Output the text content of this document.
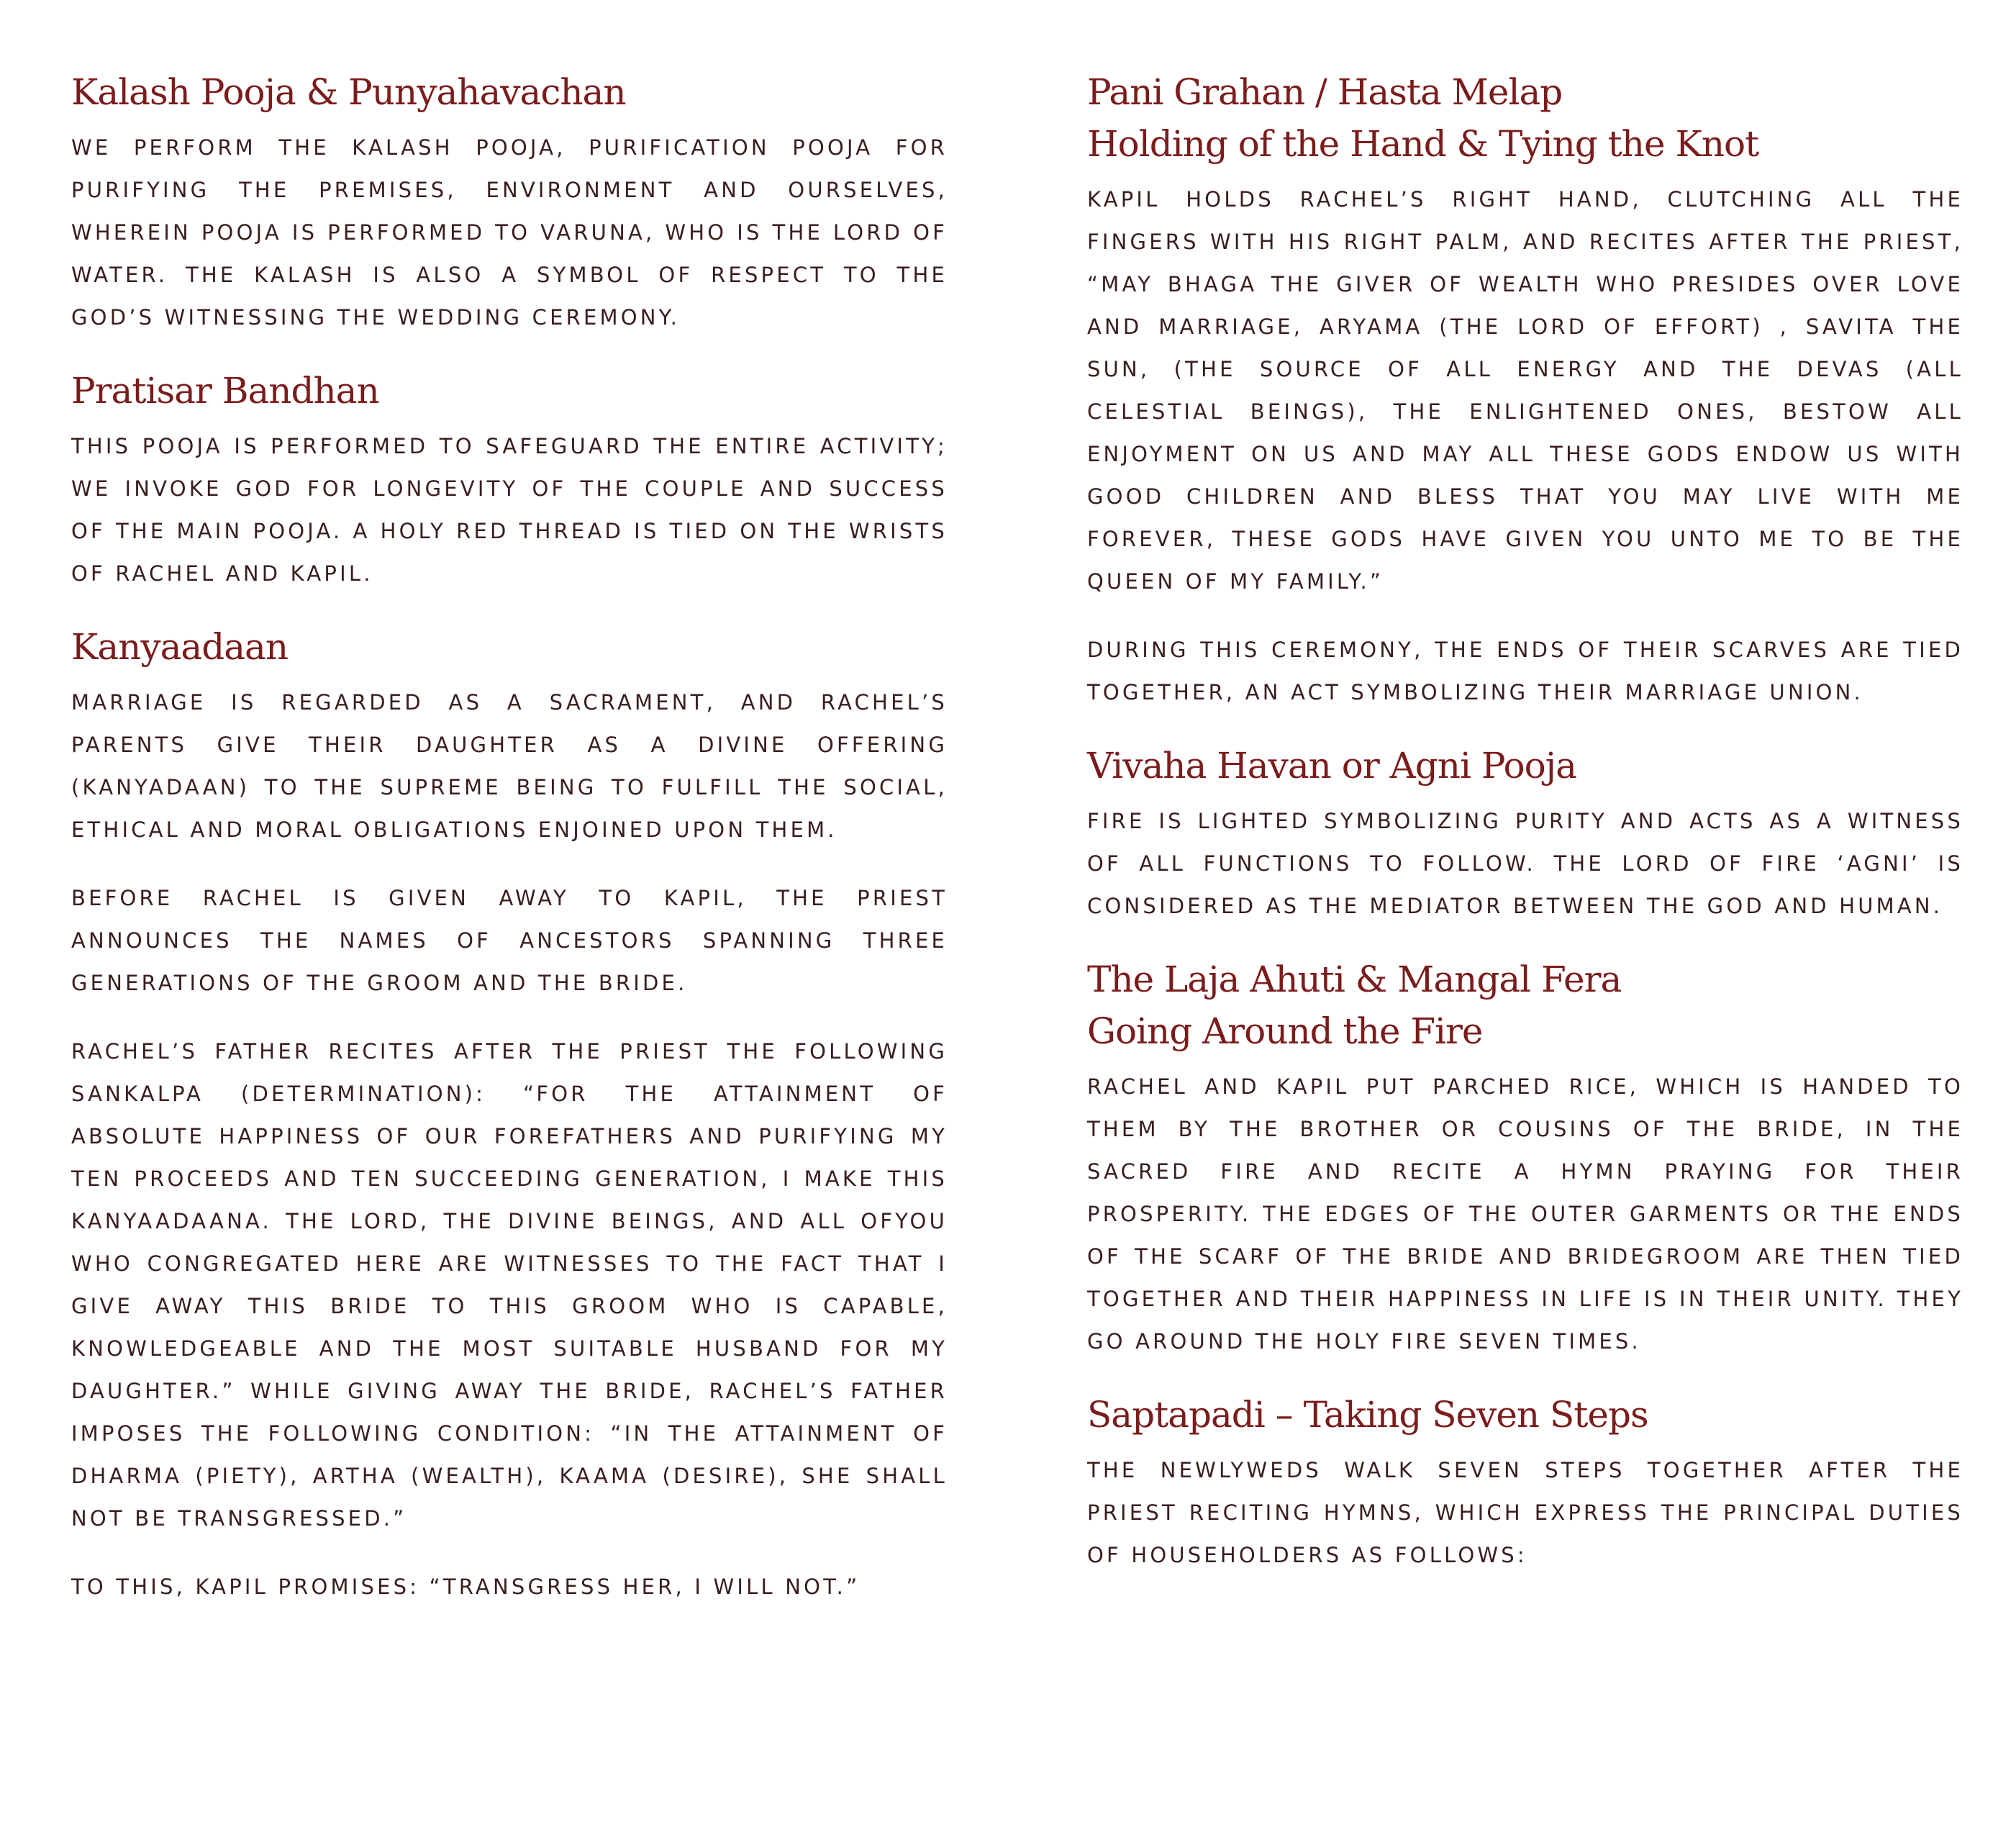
Kalash Pooja & Punyahavachan

WE PERFORM THE KALASH POOJA, PURIFICATION POOJA FOR PURIFYING THE PREMISES, ENVIRONMENT AND OURSELVES, WHEREIN POOJA IS PERFORMED TO VARUNA, WHO IS THE LORD OF WATER. THE KALASH IS ALSO A SYMBOL OF RESPECT TO THE GOD’S WITNESSING THE WEDDING CEREMONY.

Pratisar Bandhan

THIS POOJA IS PERFORMED TO SAFEGUARD THE ENTIRE ACTIVITY; WE INVOKE GOD FOR LONGEVITY OF THE COUPLE AND SUCCESS OF THE MAIN POOJA. A HOLY RED THREAD IS TIED ON THE WRISTS OF RACHEL AND KAPIL.

Kanyaadaan

MARRIAGE IS REGARDED AS A SACRAMENT, AND RACHEL’S PARENTS GIVE THEIR DAUGHTER AS A DIVINE OFFERING (KANYADAAN) TO THE SUPREME BEING TO FULFILL THE SOCIAL, ETHICAL AND MORAL OBLIGATIONS ENJOINED UPON THEM.

BEFORE RACHEL IS GIVEN AWAY TO KAPIL, THE PRIEST ANNOUNCES THE NAMES OF ANCESTORS SPANNING THREE GENERATIONS OF THE GROOM AND THE BRIDE.

RACHEL’S FATHER RECITES AFTER THE PRIEST THE FOLLOWING SANKALPA (DETERMINATION): “FOR THE ATTAINMENT OF ABSOLUTE HAPPINESS OF OUR FOREFATHERS AND PURIFYING MY TEN PROCEEDS AND TEN SUCCEEDING GENERATION, I MAKE THIS KANYAADAANA. THE LORD, THE DIVINE BEINGS, AND ALL OFYOU WHO CONGREGATED HERE ARE WITNESSES TO THE FACT THAT I GIVE AWAY THIS BRIDE TO THIS GROOM WHO IS CAPABLE, KNOWLEDGEABLE AND THE MOST SUITABLE HUSBAND FOR MY DAUGHTER.” WHILE GIVING AWAY THE BRIDE, RACHEL’S FATHER IMPOSES THE FOLLOWING CONDITION: “IN THE ATTAINMENT OF DHARMA (PIETY), ARTHA (WEALTH), KAAMA (DESIRE), SHE SHALL NOT BE TRANSGRESSED.”

TO THIS, KAPIL PROMISES: “TRANSGRESS HER, I WILL NOT.”

Pani Grahan / Hasta Melap
Holding of the Hand & Tying the Knot

KAPIL HOLDS RACHEL’S RIGHT HAND, CLUTCHING ALL THE FINGERS WITH HIS RIGHT PALM, AND RECITES AFTER THE PRIEST, “MAY BHAGA THE GIVER OF WEALTH WHO PRESIDES OVER LOVE AND MARRIAGE, ARYAMA (THE LORD OF EFFORT) , SAVITA THE SUN, (THE SOURCE OF ALL ENERGY AND THE DEVAS (ALL CELESTIAL BEINGS), THE ENLIGHTENED ONES, BESTOW ALL ENJOYMENT ON US AND MAY ALL THESE GODS ENDOW US WITH GOOD CHILDREN AND BLESS THAT YOU MAY LIVE WITH ME FOREVER, THESE GODS HAVE GIVEN YOU UNTO ME TO BE THE QUEEN OF MY FAMILY.”

DURING THIS CEREMONY, THE ENDS OF THEIR SCARVES ARE TIED TOGETHER, AN ACT SYMBOLIZING THEIR MARRIAGE UNION.

Vivaha Havan or Agni Pooja

FIRE IS LIGHTED SYMBOLIZING PURITY AND ACTS AS A WITNESS OF ALL FUNCTIONS TO FOLLOW. THE LORD OF FIRE ‘AGNI’ IS CONSIDERED AS THE MEDIATOR BETWEEN THE GOD AND HUMAN.

The Laja Ahuti & Mangal Fera
Going Around the Fire

RACHEL AND KAPIL PUT PARCHED RICE, WHICH IS HANDED TO THEM BY THE BROTHER OR COUSINS OF THE BRIDE, IN THE SACRED FIRE AND RECITE A HYMN PRAYING FOR THEIR PROSPERITY. THE EDGES OF THE OUTER GARMENTS OR THE ENDS OF THE SCARF OF THE BRIDE AND BRIDEGROOM ARE THEN TIED TOGETHER AND THEIR HAPPINESS IN LIFE IS IN THEIR UNITY. THEY GO AROUND THE HOLY FIRE SEVEN TIMES.

Saptapadi – Taking Seven Steps

THE NEWLYWEDS WALK SEVEN STEPS TOGETHER AFTER THE PRIEST RECITING HYMNS, WHICH EXPRESS THE PRINCIPAL DUTIES OF HOUSEHOLDERS AS FOLLOWS:
